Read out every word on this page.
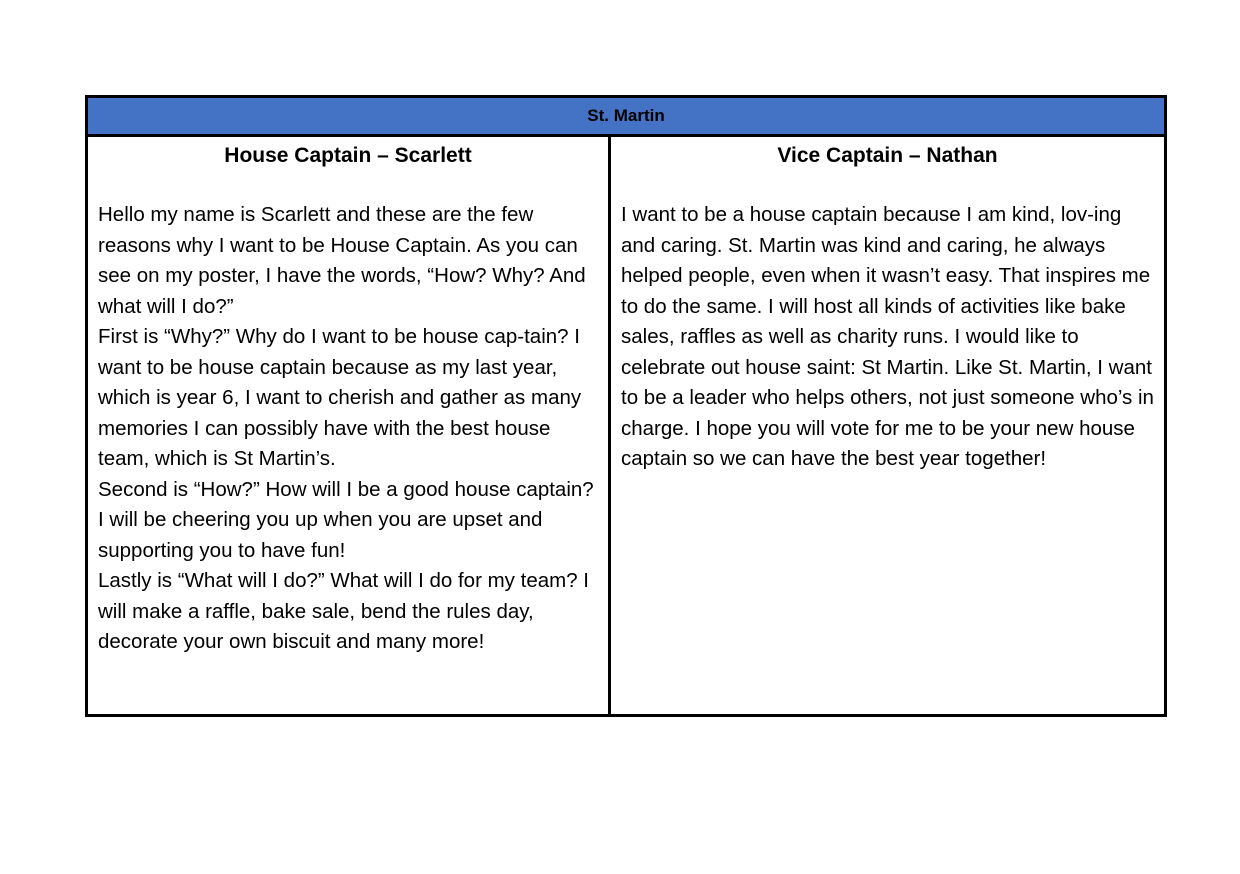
St. Martin
House Captain – Scarlett

Hello my name is Scarlett and these are the few reasons why I want to be House Captain. As you can see on my poster, I have the words, “How? Why? And what will I do?”

First is “Why?” Why do I want to be house cap-tain? I want to be house captain because as my last year, which is year 6, I want to cherish and gather as many memories I can possibly have with the best house team, which is St Martin’s.

Second is “How?” How will I be a good house captain? I will be cheering you up when you are upset and supporting you to have fun!

Lastly is “What will I do?” What will I do for my team? I will make a raffle, bake sale, bend the rules day, decorate your own biscuit and many more!

Vice Captain – Nathan

I want to be a house captain because I am kind, lov-ing and caring. St. Martin was kind and caring, he always helped people, even when it wasn’t easy. That inspires me to do the same. I will host all kinds of activities like bake sales, raffles as well as charity runs. I would like to celebrate out house saint: St Martin. Like St. Martin, I want to be a leader who helps others, not just someone who’s in charge. I hope you will vote for me to be your new house captain so we can have the best year together!
